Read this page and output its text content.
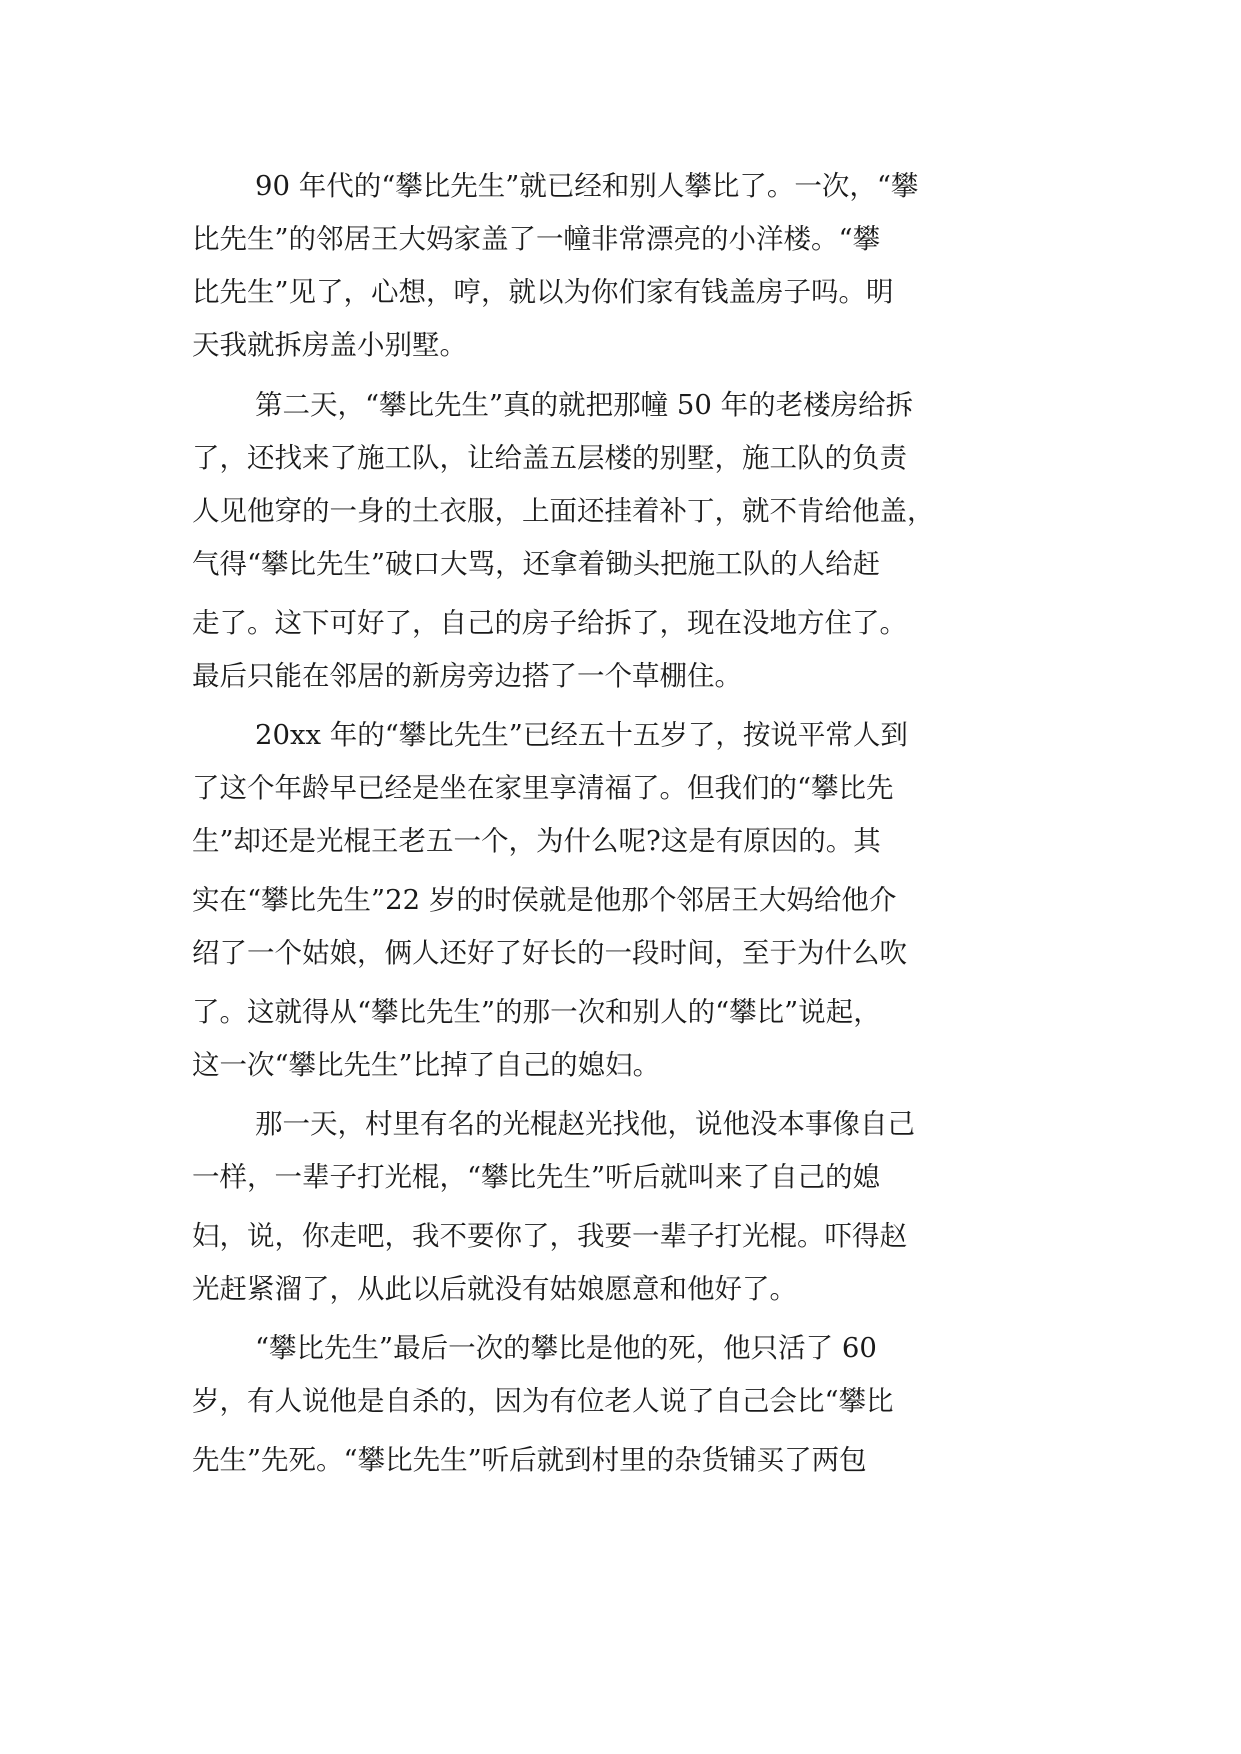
90 年代的“攀比先生”就已经和别人攀比了。一次，“攀

比先生”的邻居王大妈家盖了一幢非常漂亮的小洋楼。“攀

比先生”见了，心想，哼，就以为你们家有钱盖房子吗。明

天我就拆房盖小别墅。

第二天，“攀比先生”真的就把那幢 50 年的老楼房给拆

了，还找来了施工队，让给盖五层楼的别墅，施工队的负责

人见他穿的一身的土衣服，上面还挂着补丁，就不肯给他盖，

气得“攀比先生”破口大骂，还拿着锄头把施工队的人给赶

走了。这下可好了，自己的房子给拆了，现在没地方住了。

最后只能在邻居的新房旁边搭了一个草棚住。

20xx 年的“攀比先生”已经五十五岁了，按说平常人到

了这个年龄早已经是坐在家里享清福了。但我们的“攀比先

生”却还是光棍王老五一个，为什么呢?这是有原因的。其

实在“攀比先生”22 岁的时侯就是他那个邻居王大妈给他介

绍了一个姑娘，俩人还好了好长的一段时间，至于为什么吹

了。这就得从“攀比先生”的那一次和别人的“攀比”说起，

这一次“攀比先生”比掉了自己的媳妇。

那一天，村里有名的光棍赵光找他，说他没本事像自己

一样，一辈子打光棍，“攀比先生”听后就叫来了自己的媳

妇，说，你走吧，我不要你了，我要一辈子打光棍。吓得赵

光赶紧溜了，从此以后就没有姑娘愿意和他好了。

“攀比先生”最后一次的攀比是他的死，他只活了 60

岁，有人说他是自杀的，因为有位老人说了自己会比“攀比

先生”先死。“攀比先生”听后就到村里的杂货铺买了两包
